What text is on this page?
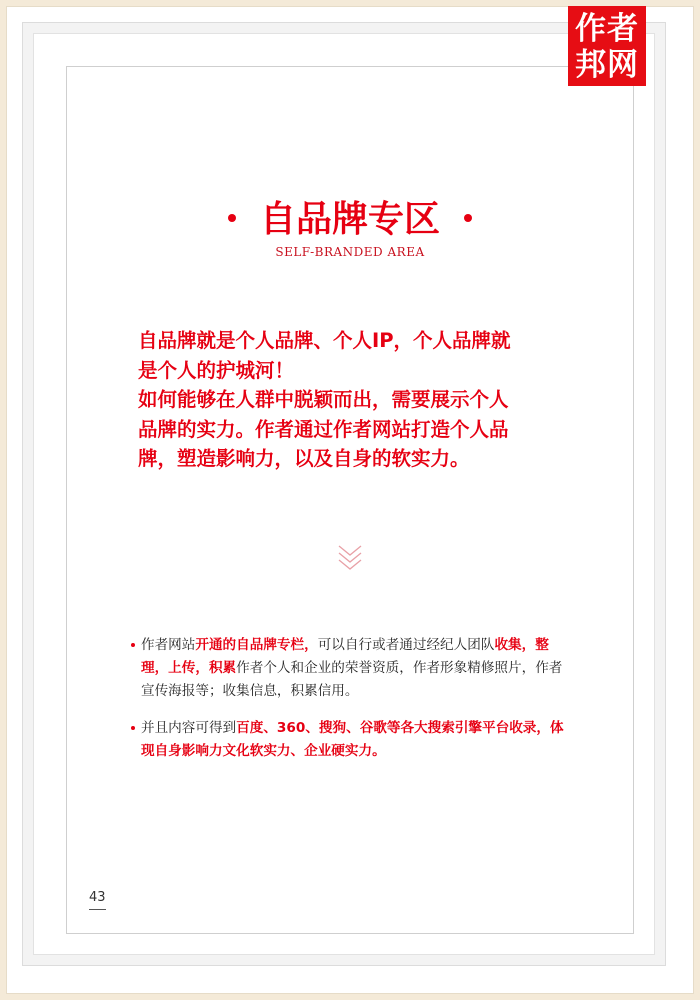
作者
邦网
自品牌专区
SELF-BRANDED AREA

自品牌就是个人品牌、个人IP，个人品牌就

是个人的护城河！

如何能够在人群中脱颖而出，需要展示个人

品牌的实力。作者通过作者网站打造个人品

牌，塑造影响力，以及自身的软实力。

作者网站开通的自品牌专栏，可以自行或者通过经纪人团队收集，整理，上传，积累作者个人和企业的荣誉资质，作者形象精修照片，作者宣传海报等；收集信息，积累信用。
并且内容可得到百度、360、搜狗、谷歌等各大搜索引擎平台收录，体现自身影响力文化软实力、企业硬实力。
43
